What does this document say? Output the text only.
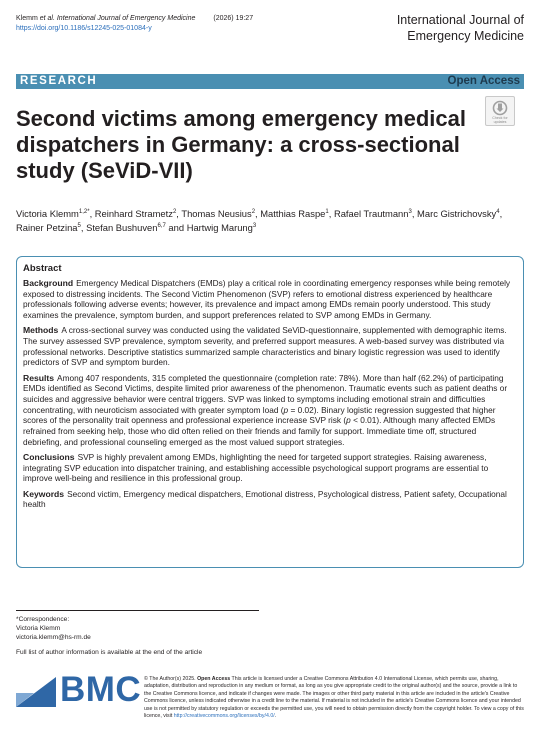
Klemm et al. International Journal of Emergency Medicine	(2026) 19:27
https://doi.org/10.1186/s12245-025-01084-y
International Journal of
Emergency Medicine
RESEARCH	Open Access
Check for
updates
Second victims among emergency medical dispatchers in Germany: a cross-sectional study (SeViD-VII)
Victoria Klemm$^{1,2*}$, Reinhard Strametz$^2$, Thomas Neusius$^2$, Matthias Raspe$^1$, Rafael Trautmann$^3$, Marc Gistrichovsky$^4$, Rainer Petzina$^5$, Stefan Bushuven$^{6,7}$ and Hartwig Marung$^3$
Abstract

Background Emergency Medical Dispatchers (EMDs) play a critical role in coordinating emergency responses while being remotely exposed to distressing incidents. The Second Victim Phenomenon (SVP) refers to emotional distress experienced by healthcare professionals following adverse events; however, its prevalence and impact among EMDs remain poorly understood. This study examines the prevalence, symptom burden, and support preferences related to SVP among EMDs in Germany.

Methods A cross-sectional survey was conducted using the validated SeViD-questionnaire, supplemented with demographic items. The survey assessed SVP prevalence, symptom severity, and preferred support measures. A web-based survey was distributed via professional networks. Descriptive statistics summarized sample characteristics and binary logistic regression was used to identify predictors of SVP and symptom burden.

Results Among 407 respondents, 315 completed the questionnaire (completion rate: 78%). More than half (62.2%) of participating EMDs identified as Second Victims, despite limited prior awareness of the phenomenon. Traumatic events such as patient deaths or suicides and aggressive behavior were central triggers. SVP was linked to symptoms including emotional strain and difficulties concentrating, with neuroticism associated with greater symptom load (p = 0.02). Binary logistic regression suggested that higher scores of the personality trait openness and professional experience increase SVP risk (p < 0.01). Although many affected EMDs refrained from seeking help, those who did often relied on their friends and family for support. Immediate time off, structured debriefing, and professional counseling emerged as the most valued support strategies.

Conclusions SVP is highly prevalent among EMDs, highlighting the need for targeted support strategies. Raising awareness, integrating SVP education into dispatcher training, and establishing accessible psychological support programs are essential to improve well-being and resilience in this professional group.

Keywords Second victim, Emergency medical dispatchers, Emotional distress, Psychological distress, Patient safety, Occupational health

*Correspondence:
Victoria Klemm
victoria.klemm@hs-rm.de
Full list of author information is available at the end of the article
BMC © The Author(s) 2025. Open Access This article is licensed under a Creative Commons Attribution 4.0 International License, which permits use, sharing, adaptation, distribution and reproduction in any medium or format, as long as you give appropriate credit to the original author(s) and the source, provide a link to the Creative Commons licence, and indicate if changes were made. The images or other third party material in this article are included in the article's Creative Commons licence, unless indicated otherwise in a credit line to the material. If material is not included in the article's Creative Commons licence and your intended use is not permitted by statutory regulation or exceeds the permitted use, you will need to obtain permission directly from the copyright holder. To view a copy of this licence, visit http://creativecommons.org/licenses/by/4.0/.
